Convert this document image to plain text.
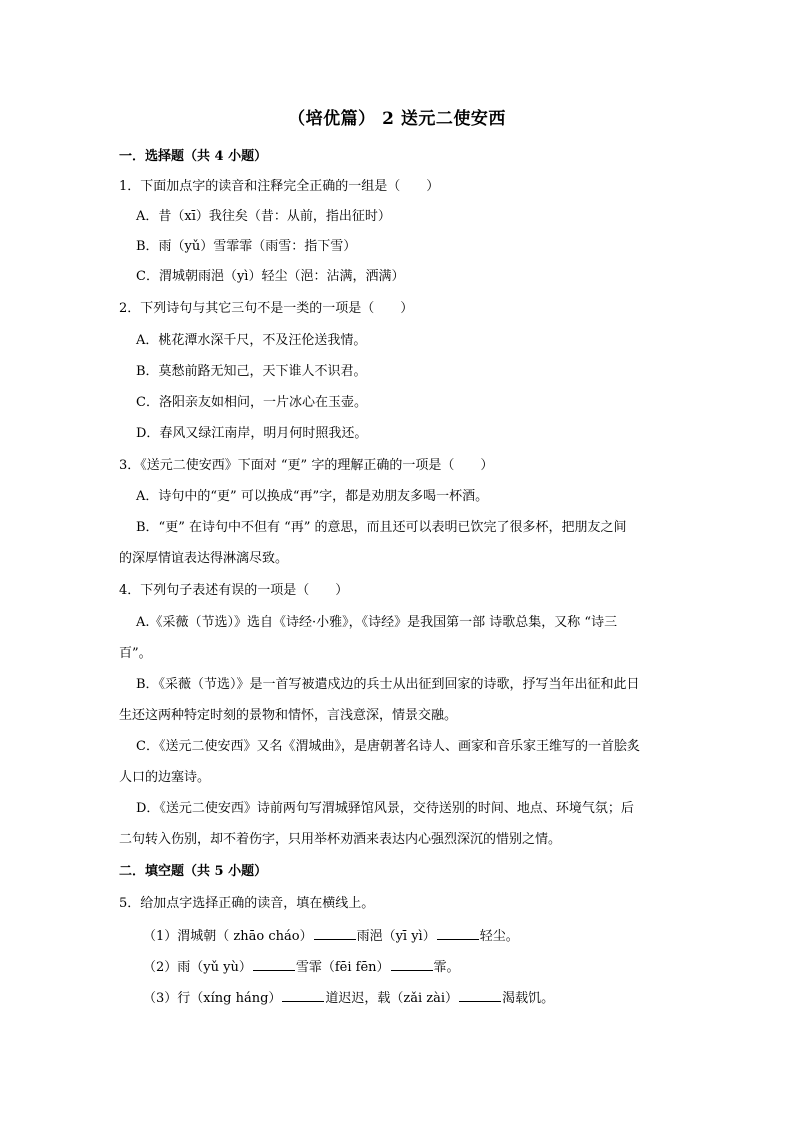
（培优篇） 2 送元二使安西
一．选择题（共 4 小题）
1．下面加点字的读音和注释完全正确的一组是（　　）
A．昔（xī）我往矣（昔：从前，指出征时）
B．雨（yǔ）雪霏霏（雨雪：指下雪）
C．渭城朝雨浥（yì）轻尘（浥：沾满，洒满）
2．下列诗句与其它三句不是一类的一项是（　　）
A．桃花潭水深千尺，不及汪伦送我情。
B．莫愁前路无知己，天下谁人不识君。
C．洛阳亲友如相问，一片冰心在玉壶。
D．春风又绿江南岸，明月何时照我还。
3．《送元二使安西》下面对 “更” 字的理解正确的一项是（　　）
A．诗句中的“更” 可以换成“再”字，都是劝朋友多喝一杯酒。
B．“更” 在诗句中不但有 “再” 的意思，而且还可以表明已饮完了很多杯，把朋友之间
的深厚情谊表达得淋漓尽致。
4．下列句子表述有误的一项是（　　）
A.《采薇（节选）》选自《诗经·小雅》，《诗经》是我国第一部 诗歌总集，又称 “诗三
百”。
B．《采薇（节选）》是一首写被遣戍边的兵士从出征到回家的诗歌，抒写当年出征和此日
生还这两种特定时刻的景物和情怀，言浅意深，情景交融。
C．《送元二使安西》又名《渭城曲》，是唐朝著名诗人、画家和音乐家王维写的一首脍炙
人口的边塞诗。
D．《送元二使安西》诗前两句写渭城驿馆风景，交待送别的时间、地点、环境气氛；后
二句转入伤别，却不着伤字，只用举杯劝酒来表达内心强烈深沉的惜别之情。
二．填空题（共 5 小题）
5．给加点字选择正确的读音，填在横线上。
（1）渭城朝（ zhāo cháo）	雨浥（yī yì）	轻尘。
（2）雨（yǔ yù）	雪霏（fēi fēn）	霏。
（3）行（xíng háng）	道迟迟，载（zǎi zài）	渴载饥。
